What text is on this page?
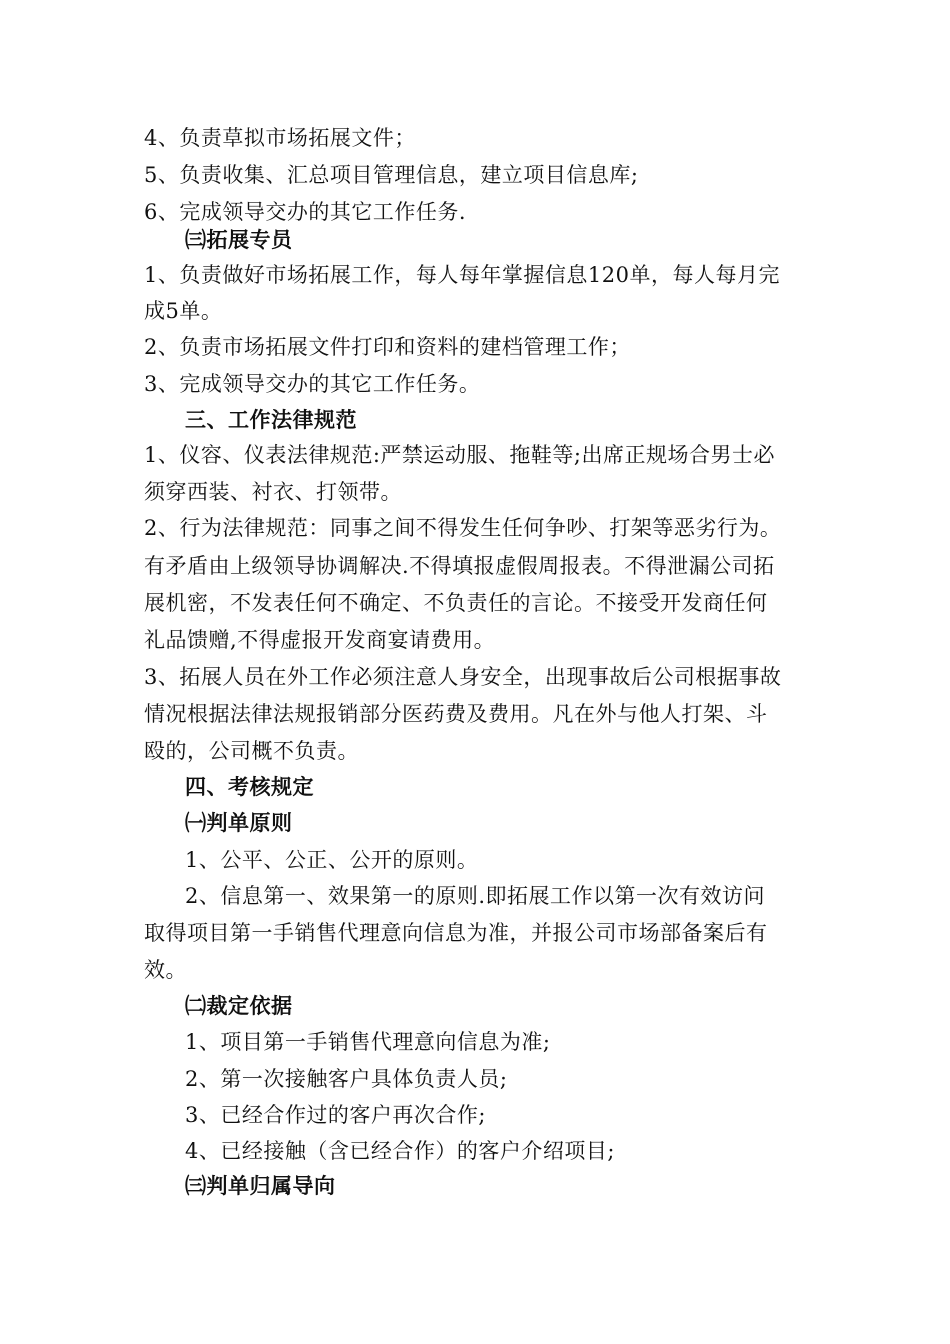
4、负责草拟市场拓展文件；
5、负责收集、汇总项目管理信息，建立项目信息库;
6、完成领导交办的其它工作任务.
㈢拓展专员
1、负责做好市场拓展工作，每人每年掌握信息120单，每人每月完
成5单。
2、负责市场拓展文件打印和资料的建档管理工作；
3、完成领导交办的其它工作任务。
三、工作法律规范
1、仪容、仪表法律规范:严禁运动服、拖鞋等;出席正规场合男士必
须穿西装、衬衣、打领带。
2、行为法律规范：同事之间不得发生任何争吵、打架等恶劣行为。
有矛盾由上级领导协调解决.不得填报虚假周报表。不得泄漏公司拓
展机密，不发表任何不确定、不负责任的言论。不接受开发商任何
礼品馈赠,不得虚报开发商宴请费用。
3、拓展人员在外工作必须注意人身安全，出现事故后公司根据事故
情况根据法律法规报销部分医药费及费用。凡在外与他人打架、斗
殴的，公司概不负责。
四、考核规定
㈠判单原则
1、公平、公正、公开的原则。
2、信息第一、效果第一的原则.即拓展工作以第一次有效访问
取得项目第一手销售代理意向信息为准，并报公司市场部备案后有
效。
㈡裁定依据
1、项目第一手销售代理意向信息为准;
2、第一次接触客户具体负责人员;
3、已经合作过的客户再次合作;
4、已经接触（含已经合作）的客户介绍项目;
㈢判单归属导向
